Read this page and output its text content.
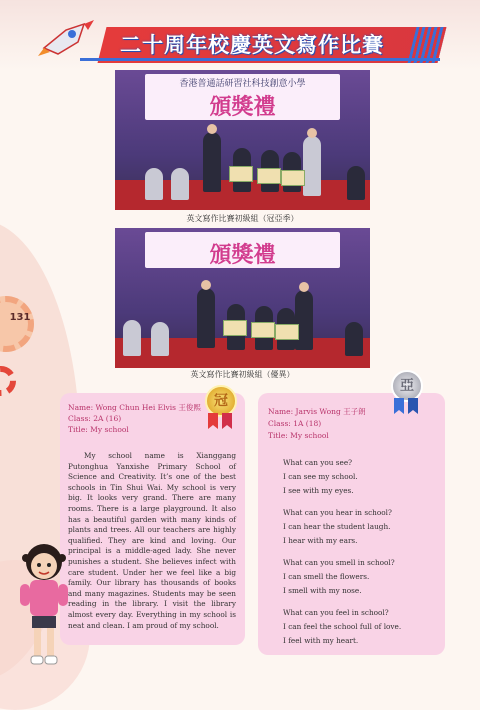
二十周年校慶英文寫作比賽
香港普通話研習社科技創意小學
頒獎禮
英文寫作比賽初級組（冠亞季）
頒獎禮
英文寫作比賽初級組（優異）
131
Name: Wong Chun Hei Elvis 王俊熙
Class: 2A (16)
Title: My school
My school name is Xianggang Putonghua Yanxishe Primary School of Science and Creativity. It’s one of the best schools in Tin Shui Wai. My school is very big. It looks very grand. There are many rooms. There is a large playground. It also has a beautiful garden with many kinds of plants and trees. All our teachers are highly qualified. They are kind and loving. Our principal is a middle-aged lady. She never punishes a student. She believes infect with care student. Under her we feel like a big family. Our library has thousands of books and many magazines. Students may be seen reading in the library. I visit the library almost every day. Everything in my school is neat and clean. I am proud of my school.
冠
Name: Jarvis Wong 王子朗
Class: 1A (18)
Title: My school
What can you see?
I can see my school.
I see with my eyes.
What can you hear in school?
I can hear the student laugh.
I hear with my ears.
What can you smell in school?
I can smell the flowers.
I smell with my nose.
What can you feel in school?
I can feel the school full of love.
I feel with my heart.
亞
